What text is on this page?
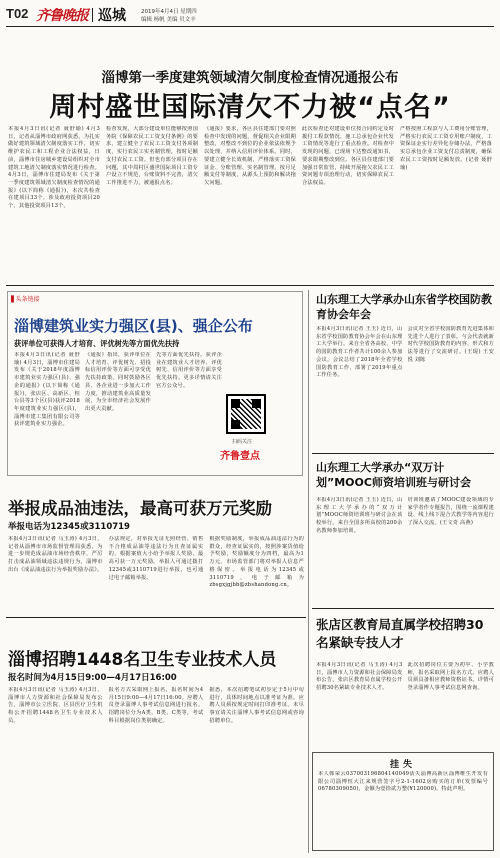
T02 齐鲁晚报 巡城	2019年4月4日 星期四
编辑 杨帆 美编 贝文辛
淄博第一季度建筑领域清欠制度检查情况通报公布
周村盛世国际清欠不力被“点名”

本报4月3日讯(记者 聂舒瑜) 4月3日，记者从淄博市政府网获悉，为扎实做好建筑领域清欠制度落实工作，切实维护农民工和工程企业合法权益，日前，淄博市住房城乡建设局组织对全市建筑工地清欠制度落实情况进行检查。4月3日，淄博市住建局发布《关于第一季度建筑领域清欠制度检查情况的通报》(以下简称《通报》)，本次共检查在建项目33个，涉及政府投资项目20个，其他投资项目13个。

检查发现，大部分建设单位能够按照国务院《保障农民工工资支付条例》的要求，建立健全了农民工工资支付各项制度，实行农民工实名制管理，按时足额支付农民工工资。但也有部分项目存在问题，其中周村区盛世国际项目工资专户设立不规范，台账资料不完善，清欠工作推进不力，被通报点名。

《通报》要求，各区县住建部门要对照检查中发现的问题，督促相关企业限期整改，对整改不到位的企业依法依规予以处理，并纳入信用评价体系。同时，要建立健全长效机制，严格落实工资保证金、分账管理、实名制管理、按月足额支付等制度，从源头上预防和解决拖欠问题。

此次检查还对建设单位按合同约定及时拨付工程款情况、施工总承包企业代发工资情况等进行了重点检查。对检查中发现的问题，已现场下达整改通知书，要求限期整改到位。各区县住建部门要加强日常监管，持续开展拖欠农民工工资问题专项治理行动，切实保障农民工合法权益。

严格按照工程款与人工费用分账管理，严格实行农民工工资专用账户制度，工资保证金实行差异化存储办法，严格落实总承包企业工资支付总责制度，确保农民工工资按时足额发放。(记者 聂舒瑜)

▋头条链接
淄博建筑业实力强区(县)、强企公布
获评单位可获得人才培育、评优树先等方面优先扶持

本报4月3日讯(记者 聂舒瑜) 4月3日，淄博市住建局发布《关于2018年度淄博市建筑业实力强区(县)、强企的通报》(以下简称《通报》)，张店区、高新区、桓台县等3个区(县)获评2018年度建筑业实力强区(县)，淄博市建工集团有限公司等获评建筑业实力强企。

《通报》指出，获评单位在人才培育、评优树先、招投标信用评价等方面可享受优先扶持政策。同时鼓励各区县、各企业进一步加大工作力度，推动建筑业高质量发展，为全市经济社会发展作出更大贡献。

先等方面优先扶持。获评企业在建筑业人才培养、评优树先、信用评价等方面享受优先扶持。更多详情请关注官方公众号。

扫码关注
齐鲁壹点
举报成品油违法，最高可获万元奖励
举报电话为12345或3110719

本报4月3日讯(记者 马玉涛) 4月3日，记者从淄博市市场监督管理局获悉，为进一步规范成品油市场经营秩序，严厉打击成品油领域违法违规行为，淄博市出台《成品油违法行为举报奖励办法》。

办法规定，对举报无证无照经营、销售不合格成品油等违法行为且查证属实的，根据案值大小给予举报人奖励，最高可获一万元奖励。举报人可通过拨打12345或3110719进行举报，也可通过电子邮箱举报。

根据奖励制度，举报成品油违法行为的群众，经查证属实的，按照涉案货值给予奖励，奖励额度分为四档，最高为1万元。市场监管部门将对举报人信息严格保密。举报电话为12345或3110719，电子邮箱为zbsgxjgjbb@zbshandong.cn。

淄博招聘1448名卫生专业技术人员
报名时间为4月15日9:00—4月17日16:00

本报4月3日讯(记者 马玉涛) 4月3日，淄博市人力资源和社会保障局发布公告，淄博市公立医院、区县医疗卫生机构公开招聘1448名卫生专业技术人员。

报名方式采取网上报名，报名时间为4月15日9:00—4月17日16:00。应聘人员登录淄博人事考试信息网进行报名。招聘岗位分为A类、B类、C类等，考试科目根据岗位类别确定。

据悉，本次招聘笔试初步定于5月中旬进行，具体时间地点以准考证为准。应聘人员须按规定时间打印准考证。未尽事宜请关注淄博人事考试信息网或咨询招聘单位。

山东理工大学承办山东省学校国防教育协会年会

本报4月3日讯(记者 王玉) 近日，山东省学校国防教育协会年会在山东理工大学举行。来自全省各高校、中学的国防教育工作者共计100余人参加会议。会议总结了2018年全省学校国防教育工作，部署了2019年重点工作任务。

会议对全省学校国防教育先进集体和先进个人进行了表彰。与会代表就新时代学校国防教育的内容、形式和方法等进行了交流研讨。(王琨) 王安悦 刘陈

山东理工大学承办“双万计划”MOOC师资培训班与研讨会

本报4月3日讯(记者 王玉) 近日，山东理工大学承办的“双万计划”MOOC师资培训班与研讨会在该校举行。来自全国多所高校的200余名教师参加培训。

培训班邀请了MOOC建设领域的专家学者作专题报告，围绕一流课程建设、线上线下混合式教学等内容进行了深入交流。(王文奇 高燕)

张店区教育局直属学校招聘30名紧缺专技人才

本报4月3日讯(记者 马玉涛) 4月3日，淄博市人力资源和社会保障局发布公告，张店区教育局直属学校公开招聘30名紧缺专业技术人才。

此次招聘岗位主要为初中、小学教师，报名采取网上报名方式。应聘人员须具备相应教师资格证书。详情可登录淄博人事考试信息网查询。

挂失

本人韩荣云037003196804140049活失淄博高新区淄博维生开发有限公司淄博恒大江来规营签字号2-1-1602房购买的订单(发票编号06780309050)，金额为壹拾贰万整(¥120000)。特此声明。
